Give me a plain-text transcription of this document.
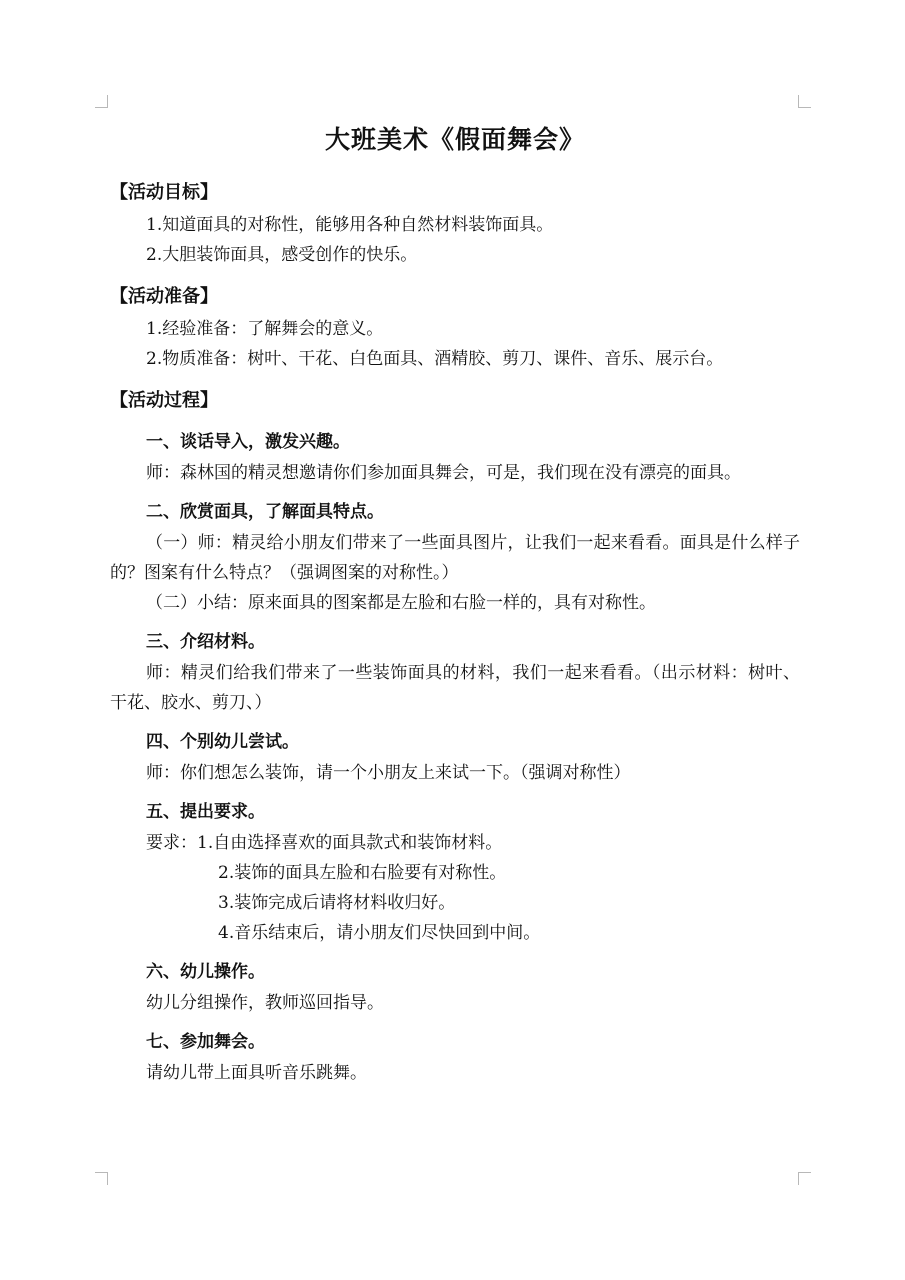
大班美术《假面舞会》
【活动目标】

1.知道面具的对称性，能够用各种自然材料装饰面具。

2.大胆装饰面具，感受创作的快乐。

【活动准备】

1.经验准备：了解舞会的意义。

2.物质准备：树叶、干花、白色面具、酒精胶、剪刀、课件、音乐、展示台。

【活动过程】
一、谈话导入，激发兴趣。

师：森林国的精灵想邀请你们参加面具舞会，可是，我们现在没有漂亮的面具。

二、欣赏面具，了解面具特点。

（一）师：精灵给小朋友们带来了一些面具图片，让我们一起来看看。面具是什么样子的？图案有什么特点？（强调图案的对称性。）

（二）小结：原来面具的图案都是左脸和右脸一样的，具有对称性。

三、介绍材料。

师：精灵们给我们带来了一些装饰面具的材料，我们一起来看看。（出示材料：树叶、干花、胶水、剪刀、）

四、个别幼儿尝试。

师：你们想怎么装饰，请一个小朋友上来试一下。（强调对称性）

五、提出要求。

要求：1.自由选择喜欢的面具款式和装饰材料。

2.装饰的面具左脸和右脸要有对称性。

3.装饰完成后请将材料收归好。

4.音乐结束后，请小朋友们尽快回到中间。

六、幼儿操作。

幼儿分组操作，教师巡回指导。

七、参加舞会。

请幼儿带上面具听音乐跳舞。
